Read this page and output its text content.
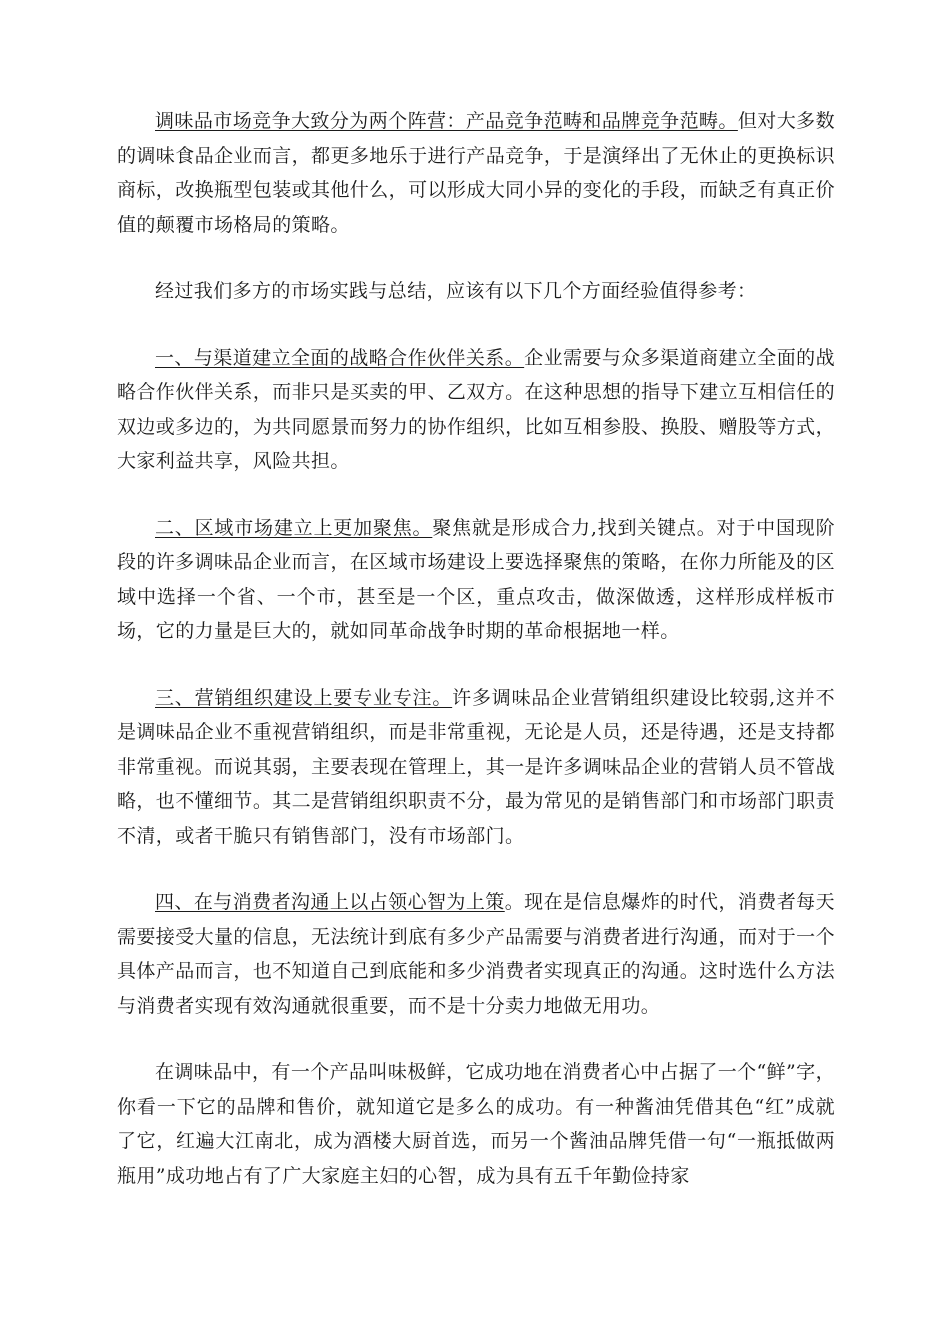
调味品市场竞争大致分为两个阵营：产品竞争范畴和品牌竞争范畴。但对大多数的调味食品企业而言，都更多地乐于进行产品竞争，于是演绎出了无休止的更换标识商标，改换瓶型包装或其他什么，可以形成大同小异的变化的手段，而缺乏有真正价值的颠覆市场格局的策略。

经过我们多方的市场实践与总结，应该有以下几个方面经验值得参考：

一、与渠道建立全面的战略合作伙伴关系。企业需要与众多渠道商建立全面的战略合作伙伴关系，而非只是买卖的甲、乙双方。在这种思想的指导下建立互相信任的双边或多边的，为共同愿景而努力的协作组织，比如互相参股、换股、赠股等方式，大家利益共享，风险共担。

二、区域市场建立上更加聚焦。聚焦就是形成合力,找到关键点。对于中国现阶段的许多调味品企业而言，在区域市场建设上要选择聚焦的策略，在你力所能及的区域中选择一个省、一个市，甚至是一个区，重点攻击，做深做透，这样形成样板市场，它的力量是巨大的，就如同革命战争时期的革命根据地一样。

三、营销组织建设上要专业专注。许多调味品企业营销组织建设比较弱,这并不是调味品企业不重视营销组织，而是非常重视，无论是人员，还是待遇，还是支持都非常重视。而说其弱，主要表现在管理上，其一是许多调味品企业的营销人员不管战略，也不懂细节。其二是营销组织职责不分，最为常见的是销售部门和市场部门职责不清，或者干脆只有销售部门，没有市场部门。

四、在与消费者沟通上以占领心智为上策。现在是信息爆炸的时代，消费者每天需要接受大量的信息，无法统计到底有多少产品需要与消费者进行沟通，而对于一个具体产品而言，也不知道自己到底能和多少消费者实现真正的沟通。这时选什么方法与消费者实现有效沟通就很重要，而不是十分卖力地做无用功。

在调味品中，有一个产品叫味极鲜，它成功地在消费者心中占据了一个“鲜”字，你看一下它的品牌和售价，就知道它是多么的成功。有一种酱油凭借其色“红”成就了它，红遍大江南北，成为酒楼大厨首选，而另一个酱油品牌凭借一句“一瓶抵做两瓶用”成功地占有了广大家庭主妇的心智，成为具有五千年勤俭持家
